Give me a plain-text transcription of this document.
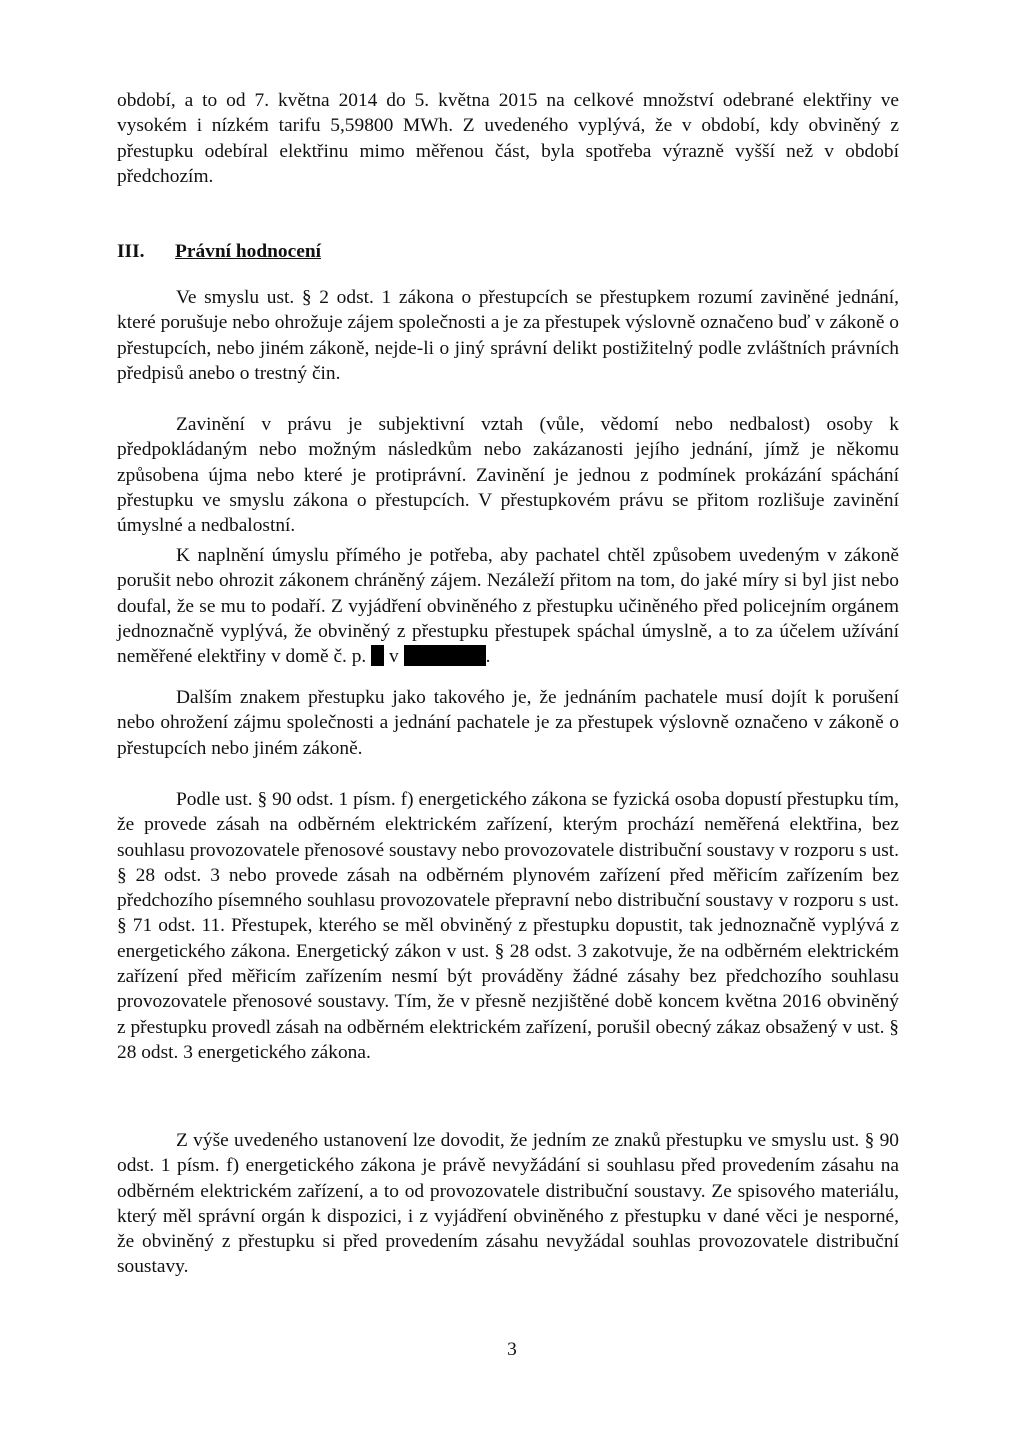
období, a to od 7. května 2014 do 5. května 2015 na celkové množství odebrané elektřiny ve vysokém i nízkém tarifu 5,59800 MWh. Z uvedeného vyplývá, že v období, kdy obviněný z přestupku odebíral elektřinu mimo měřenou část, byla spotřeba výrazně vyšší než v období předchozím.

III. Právní hodnocení

Ve smyslu ust. § 2 odst. 1 zákona o přestupcích se přestupkem rozumí zaviněné jednání, které porušuje nebo ohrožuje zájem společnosti a je za přestupek výslovně označeno buď v zákoně o přestupcích, nebo jiném zákoně, nejde-li o jiný správní delikt postižitelný podle zvláštních právních předpisů anebo o trestný čin.

Zavinění v právu je subjektivní vztah (vůle, vědomí nebo nedbalost) osoby k předpokládaným nebo možným následkům nebo zakázanosti jejího jednání, jímž je někomu způsobena újma nebo které je protiprávní. Zavinění je jednou z podmínek prokázání spáchání přestupku ve smyslu zákona o přestupcích. V přestupkovém právu se přitom rozlišuje zavinění úmyslné a nedbalostní.

K naplnění úmyslu přímého je potřeba, aby pachatel chtěl způsobem uvedeným v zákoně porušit nebo ohrozit zákonem chráněný zájem. Nezáleží přitom na tom, do jaké míry si byl jist nebo doufal, že se mu to podaří. Z vyjádření obviněného z přestupku učiněného před policejním orgánem jednoznačně vyplývá, že obviněný z přestupku přestupek spáchal úmyslně, a to za účelem užívání neměřené elektřiny v domě č. p. v	.

Dalším znakem přestupku jako takového je, že jednáním pachatele musí dojít k porušení nebo ohrožení zájmu společnosti a jednání pachatele je za přestupek výslovně označeno v zákoně o přestupcích nebo jiném zákoně.

Podle ust. § 90 odst. 1 písm. f) energetického zákona se fyzická osoba dopustí přestupku tím, že provede zásah na odběrném elektrickém zařízení, kterým prochází neměřená elektřina, bez souhlasu provozovatele přenosové soustavy nebo provozovatele distribuční soustavy v rozporu s ust. § 28 odst. 3 nebo provede zásah na odběrném plynovém zařízení před měřicím zařízením bez předchozího písemného souhlasu provozovatele přepravní nebo distribuční soustavy v rozporu s ust. § 71 odst. 11. Přestupek, kterého se měl obviněný z přestupku dopustit, tak jednoznačně vyplývá z energetického zákona. Energetický zákon v ust. § 28 odst. 3 zakotvuje, že na odběrném elektrickém zařízení před měřicím zařízením nesmí být prováděny žádné zásahy bez předchozího souhlasu provozovatele přenosové soustavy. Tím, že v přesně nezjištěné době koncem května 2016 obviněný z přestupku provedl zásah na odběrném elektrickém zařízení, porušil obecný zákaz obsažený v ust. § 28 odst. 3 energetického zákona.

Z výše uvedeného ustanovení lze dovodit, že jedním ze znaků přestupku ve smyslu ust. § 90 odst. 1 písm. f) energetického zákona je právě nevyžádání si souhlasu před provedením zásahu na odběrném elektrickém zařízení, a to od provozovatele distribuční soustavy. Ze spisového materiálu, který měl správní orgán k dispozici, i z vyjádření obviněného z přestupku v dané věci je nesporné, že obviněný z přestupku si před provedením zásahu nevyžádal souhlas provozovatele distribuční soustavy.

3
